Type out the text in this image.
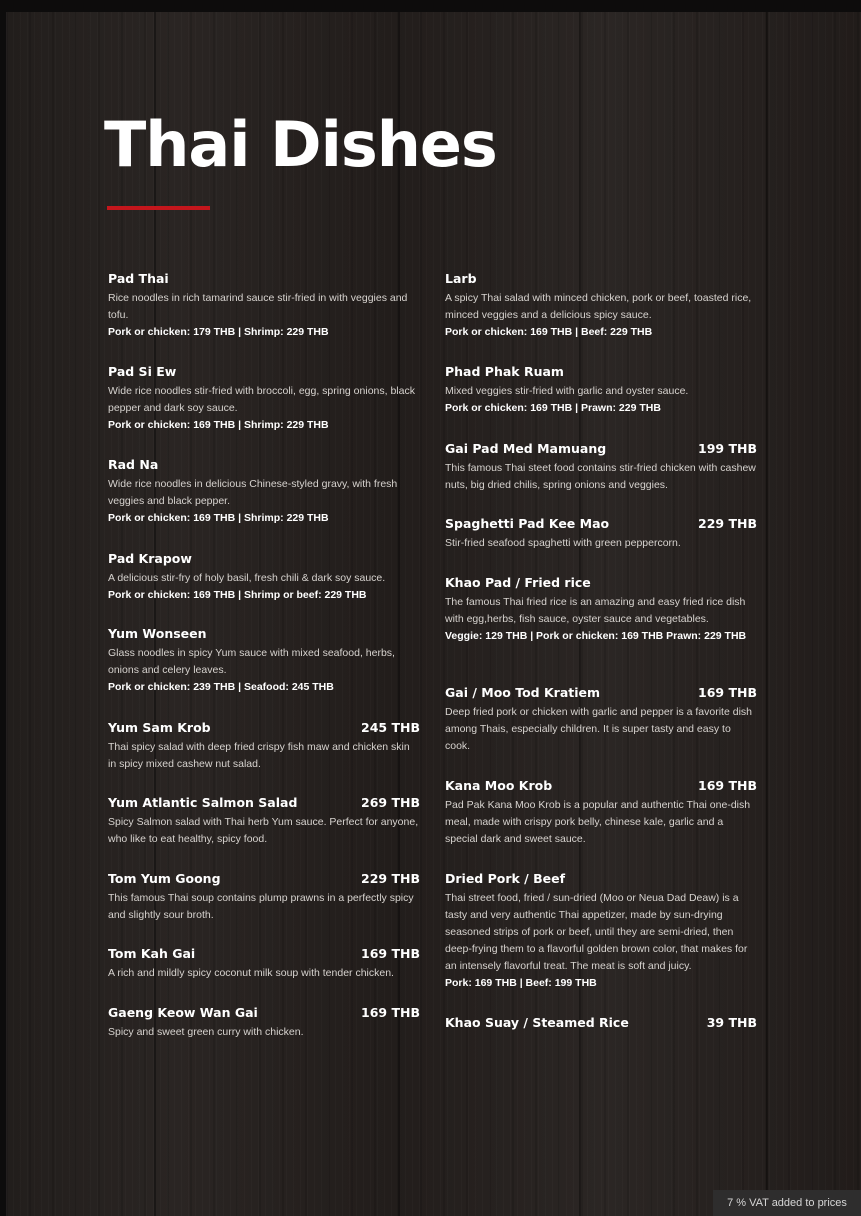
Thai Dishes
Pad Thai
Rice noodles in rich tamarind sauce stir-fried in with veggies and tofu.
Pork or chicken: 179 THB | Shrimp: 229 THB
Pad Si Ew
Wide rice noodles stir-fried with broccoli, egg, spring onions, black pepper and dark soy sauce.
Pork or chicken: 169 THB | Shrimp: 229 THB
Rad Na
Wide rice noodles in delicious Chinese-styled gravy, with fresh veggies and black pepper.
Pork or chicken: 169 THB | Shrimp: 229 THB
Pad Krapow
A delicious stir-fry of holy basil, fresh chili & dark soy sauce.
Pork or chicken: 169 THB | Shrimp or beef: 229 THB
Yum Wonseen
Glass noodles in spicy Yum sauce with mixed seafood, herbs, onions and celery leaves.
Pork or chicken: 239 THB | Seafood: 245 THB
Yum Sam Krob	245 THB
Thai spicy salad with deep fried crispy fish maw and chicken skin in spicy mixed cashew nut salad.
Yum Atlantic Salmon Salad	269 THB
Spicy Salmon salad with Thai herb Yum sauce. Perfect for anyone, who like to eat healthy, spicy food.
Tom Yum Goong	229 THB
This famous Thai soup contains plump prawns in a perfectly spicy and slightly sour broth.
Tom Kah Gai	169 THB
A rich and mildly spicy coconut milk soup with tender chicken.
Gaeng Keow Wan Gai	169 THB
Spicy and sweet green curry with chicken.
Larb
A spicy Thai salad with minced chicken, pork or beef, toasted rice, minced veggies and a delicious spicy sauce.
Pork or chicken: 169 THB | Beef: 229 THB
Phad Phak Ruam
Mixed veggies stir-fried with garlic and oyster sauce.
Pork or chicken: 169 THB | Prawn: 229 THB
Gai Pad Med Mamuang	199 THB
This famous Thai steet food contains stir-fried chicken with cashew nuts, big dried chilis, spring onions and veggies.
Spaghetti Pad Kee Mao	229 THB
Stir-fried seafood spaghetti with green peppercorn.
Khao Pad / Fried rice
The famous Thai fried rice is an amazing and easy fried rice dish with egg,herbs, fish sauce, oyster sauce and vegetables.
Veggie: 129 THB | Pork or chicken: 169 THB Prawn: 229 THB
Gai / Moo Tod Kratiem	169 THB
Deep fried pork or chicken with garlic and pepper is a favorite dish among Thais, especially children. It is super tasty and easy to cook.
Kana Moo Krob	169 THB
Pad Pak Kana Moo Krob is a popular and authentic Thai one-dish meal, made with crispy pork belly, chinese kale, garlic and a special dark and sweet sauce.
Dried Pork / Beef
Thai street food, fried / sun-dried (Moo or Neua Dad Deaw) is a tasty and very authentic Thai appetizer, made by sun-drying seasoned strips of pork or beef, until they are semi-dried, then deep-frying them to a flavorful golden brown color, that makes for an intensely flavorful treat. The meat is soft and juicy.
Pork: 169 THB | Beef: 199 THB
Khao Suay / Steamed Rice	39 THB
7 % VAT added to prices
